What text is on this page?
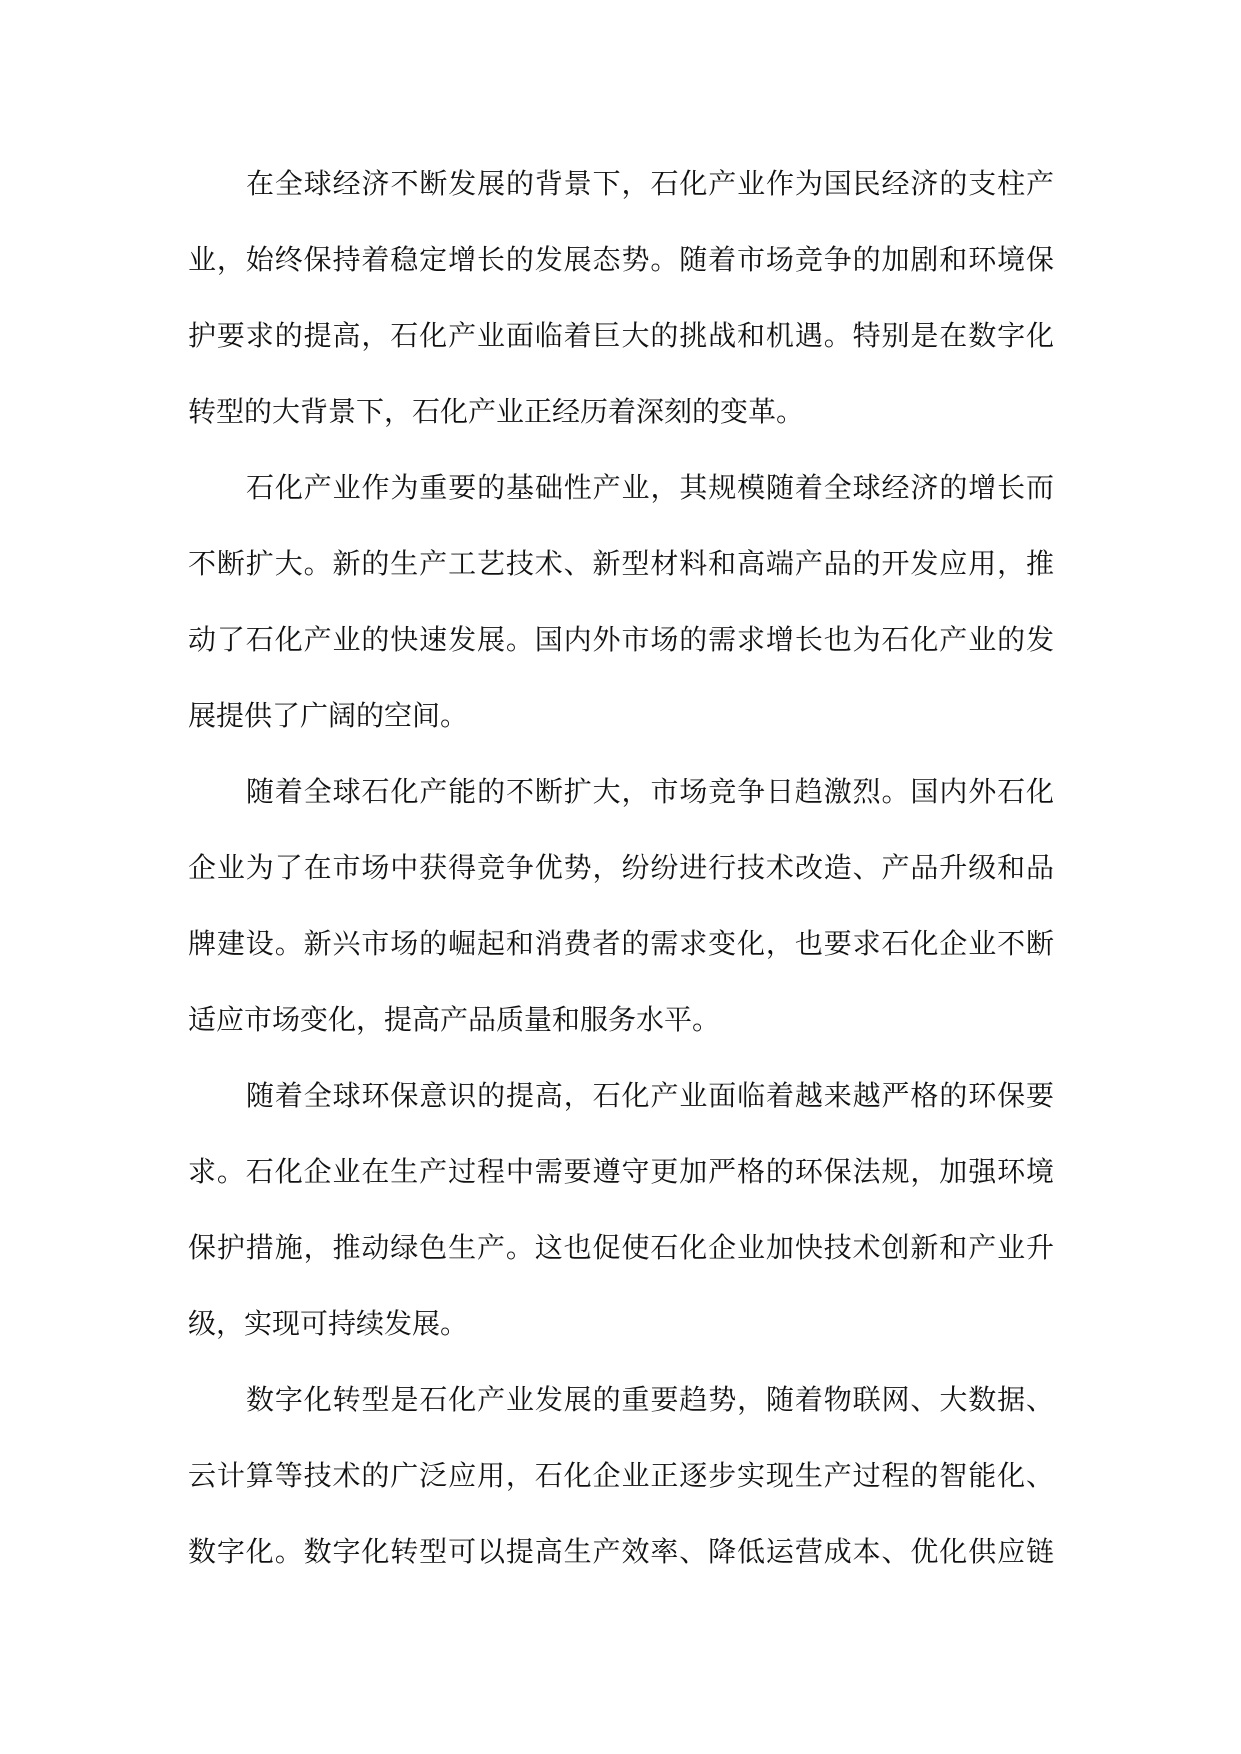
在全球经济不断发展的背景下，石化产业作为国民经济的支柱产
业，始终保持着稳定增长的发展态势。随着市场竞争的加剧和环境保
护要求的提高，石化产业面临着巨大的挑战和机遇。特别是在数字化
转型的大背景下，石化产业正经历着深刻的变革。
石化产业作为重要的基础性产业，其规模随着全球经济的增长而
不断扩大。新的生产工艺技术、新型材料和高端产品的开发应用，推
动了石化产业的快速发展。国内外市场的需求增长也为石化产业的发
展提供了广阔的空间。
随着全球石化产能的不断扩大，市场竞争日趋激烈。国内外石化
企业为了在市场中获得竞争优势，纷纷进行技术改造、产品升级和品
牌建设。新兴市场的崛起和消费者的需求变化，也要求石化企业不断
适应市场变化，提高产品质量和服务水平。
随着全球环保意识的提高，石化产业面临着越来越严格的环保要
求。石化企业在生产过程中需要遵守更加严格的环保法规，加强环境
保护措施，推动绿色生产。这也促使石化企业加快技术创新和产业升
级，实现可持续发展。
数字化转型是石化产业发展的重要趋势，随着物联网、大数据、
云计算等技术的广泛应用，石化企业正逐步实现生产过程的智能化、
数字化。数字化转型可以提高生产效率、降低运营成本、优化供应链
